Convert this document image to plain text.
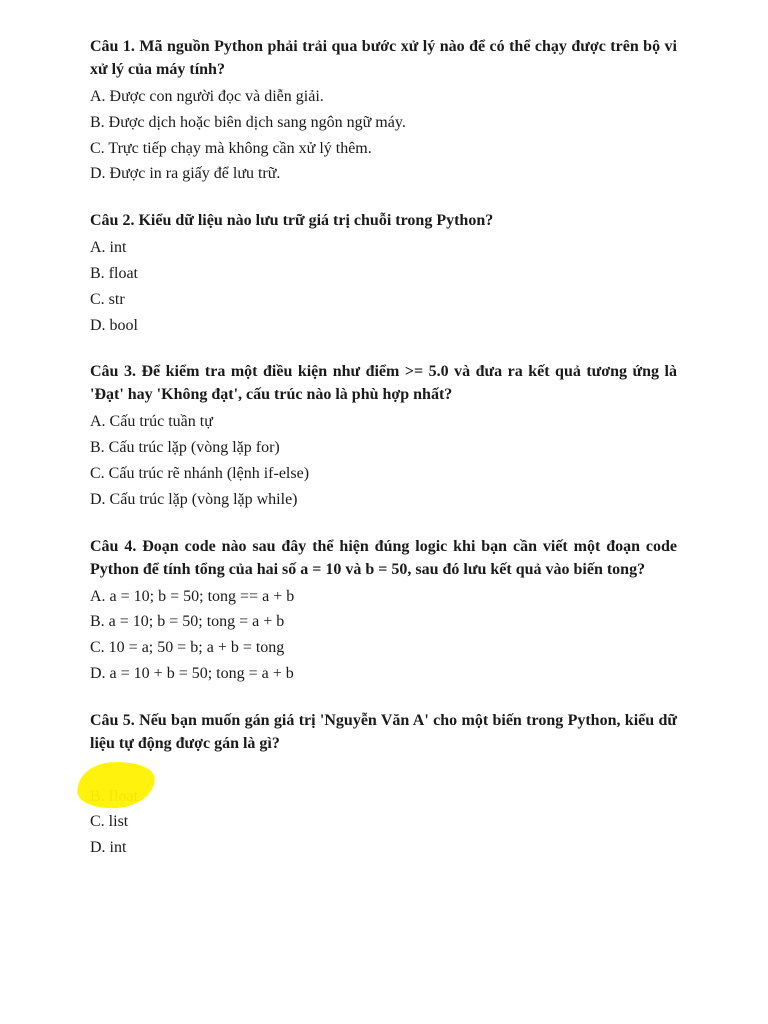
Câu 1. Mã nguồn Python phải trải qua bước xử lý nào để có thể chạy được trên bộ vi xử lý của máy tính?

A. Được con người đọc và diễn giải.

B. Được dịch hoặc biên dịch sang ngôn ngữ máy.

C. Trực tiếp chạy mà không cần xử lý thêm.

D. Được in ra giấy để lưu trữ.

Câu 2. Kiểu dữ liệu nào lưu trữ giá trị chuỗi trong Python?

A. int

B. float

C. str

D. bool

Câu 3. Để kiểm tra một điều kiện như điểm >= 5.0 và đưa ra kết quả tương ứng là 'Đạt' hay 'Không đạt', cấu trúc nào là phù hợp nhất?

A. Cấu trúc tuần tự

B. Cấu trúc lặp (vòng lặp for)

C. Cấu trúc rẽ nhánh (lệnh if-else)

D. Cấu trúc lặp (vòng lặp while)

Câu 4. Đoạn code nào sau đây thể hiện đúng logic khi bạn cần viết một đoạn code Python để tính tổng của hai số a = 10 và b = 50, sau đó lưu kết quả vào biến tong?

A. a = 10; b = 50; tong == a + b

B. a = 10; b = 50; tong = a + b

C. 10 = a; 50 = b; a + b = tong

D. a = 10 + b = 50; tong = a + b

Câu 5. Nếu bạn muốn gán giá trị 'Nguyễn Văn A' cho một biến trong Python, kiểu dữ liệu tự động được gán là gì?

C. list

D. int
